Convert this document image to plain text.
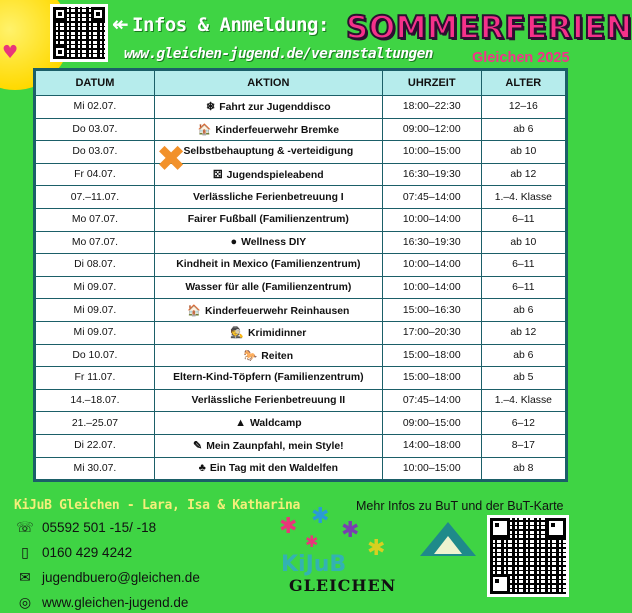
♥
↞ Infos & Anmeldung:
www.gleichen-jugend.de/veranstaltungen
SOMMERFERIEN
Gleichen 2025
DATUM	AKTION	UHRZEIT	ALTER
Mi 02.07.	❄ Fahrt zur Jugenddisco	18:00–22:30	12–16
Do 03.07.	🏠 Kinderfeuerwehr Bremke	09:00–12:00	ab 6
Do 03.07.	Selbstbehauptung & -verteidigung	10:00–15:00	ab 10
Fr 04.07.	⚄ Jugendspieleabend	16:30–19:30	ab 12
07.–11.07.	Verlässliche Ferienbetreuung I	07:45–14:00	1.–4. Klasse
Mo 07.07.	Fairer Fußball (Familienzentrum)	10:00–14:00	6–11
Mo 07.07.	● Wellness DIY	16:30–19:30	ab 10
Di 08.07.	Kindheit in Mexico (Familienzentrum)	10:00–14:00	6–11
Mi 09.07.	Wasser für alle (Familienzentrum)	10:00–14:00	6–11
Mi 09.07.	🏠 Kinderfeuerwehr Reinhausen	15:00–16:30	ab 6
Mi 09.07.	🕵 Krimidinner	17:00–20:30	ab 12
Do 10.07.	🐎 Reiten	15:00–18:00	ab 6
Fr 11.07.	Eltern-Kind-Töpfern (Familienzentrum)	15:00–18:00	ab 5
14.–18.07.	Verlässliche Ferienbetreuung II	07:45–14:00	1.–4. Klasse
21.–25.07	▲ Waldcamp	09:00–15:00	6–12
Di 22.07.	✎ Mein Zaunpfahl, mein Style!	14:00–18:00	8–17
Mi 30.07.	♣ Ein Tag mit den Waldelfen	10:00–15:00	ab 8
✖
KiJuB Gleichen - Lara, Isa & Katharina
☏ 05592 501 -15/ -18
▯ 0160 429 4242
✉ jugendbuero@gleichen.de
◎ www.gleichen-jugend.de
✱ ✱
✱
✱
✱
KiJuB
GLEICHEN
Mehr Infos zu BuT und der BuT-Karte
